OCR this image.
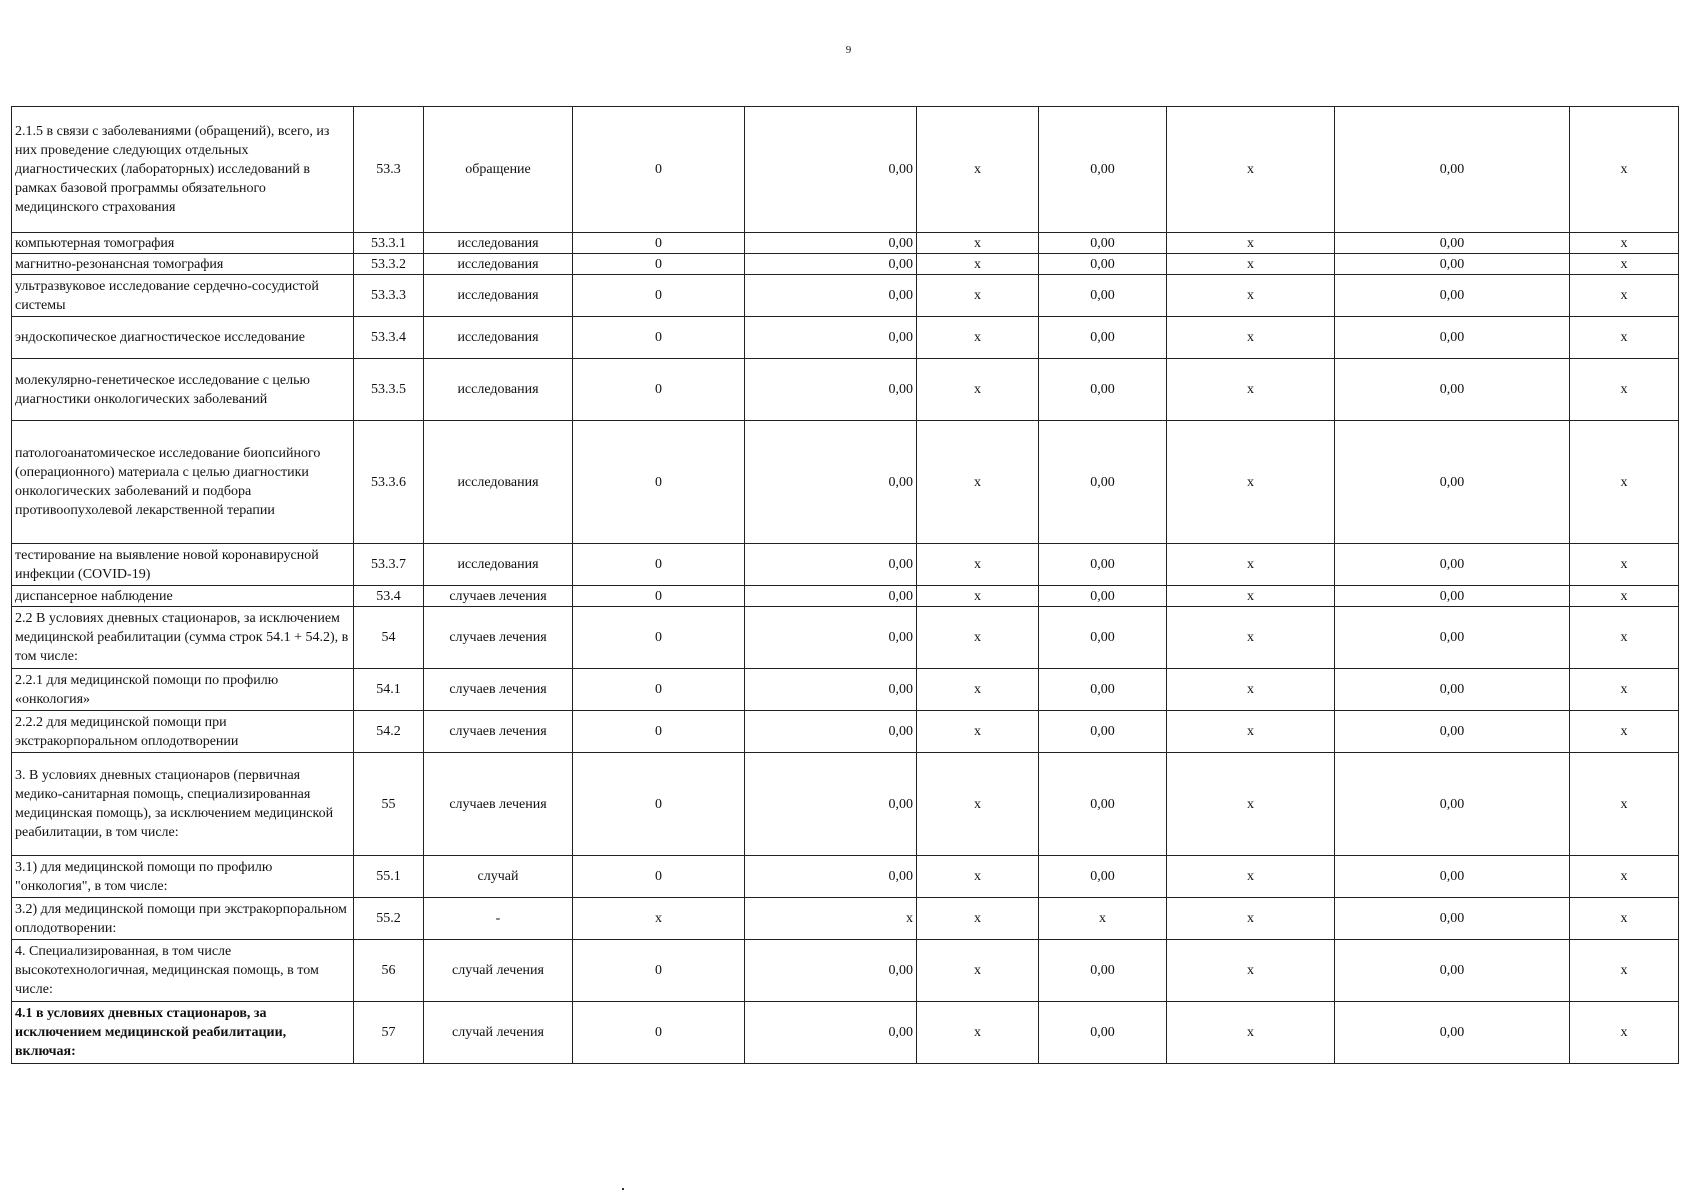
9
2.1.5 в связи с заболеваниями (обращений), всего, из них проведение следующих отдельных диагностических (лабораторных) исследований в рамках базовой программы обязательного медицинского страхования	53.3	обращение	0	0,00	x	0,00	x	0,00	x
компьютерная томография	53.3.1	исследования	0	0,00	x	0,00	x	0,00	x
магнитно-резонансная томография	53.3.2	исследования	0	0,00	x	0,00	x	0,00	x
ультразвуковое исследование сердечно-сосудистой системы	53.3.3	исследования	0	0,00	x	0,00	x	0,00	x
эндоскопическое диагностическое исследование	53.3.4	исследования	0	0,00	x	0,00	x	0,00	x
молекулярно-генетическое исследование с целью диагностики онкологических заболеваний	53.3.5	исследования	0	0,00	x	0,00	x	0,00	x
патологоанатомическое исследование биопсийного (операционного) материала с целью диагностики онкологических заболеваний и подбора противоопухолевой лекарственной терапии	53.3.6	исследования	0	0,00	x	0,00	x	0,00	x
тестирование на выявление новой коронавирусной инфекции (COVID-19)	53.3.7	исследования	0	0,00	x	0,00	x	0,00	x
диспансерное наблюдение	53.4	случаев лечения	0	0,00	x	0,00	x	0,00	x
2.2 В условиях дневных стационаров, за исключением медицинской реабилитации (сумма строк 54.1 + 54.2), в том числе:	54	случаев лечения	0	0,00	x	0,00	x	0,00	x
2.2.1 для медицинской помощи по профилю «онкология»	54.1	случаев лечения	0	0,00	x	0,00	x	0,00	x
2.2.2 для медицинской помощи при экстракорпоральном оплодотворении	54.2	случаев лечения	0	0,00	x	0,00	x	0,00	x
3. В условиях дневных стационаров (первичная медико-санитарная помощь, специализированная медицинская помощь), за исключением медицинской реабилитации, в том числе:	55	случаев лечения	0	0,00	x	0,00	x	0,00	x
3.1) для медицинской помощи по профилю "онкология", в том числе:	55.1	случай	0	0,00	x	0,00	x	0,00	x
3.2) для медицинской помощи при экстракорпоральном оплодотворении:	55.2	-	x	x	x	x	x	0,00	x
4. Специализированная, в том числе высокотехнологичная, медицинская помощь, в том числе:	56	случай лечения	0	0,00	x	0,00	x	0,00	x
4.1 в условиях дневных стационаров, за исключением медицинской реабилитации, включая:	57	случай лечения	0	0,00	x	0,00	x	0,00	x
